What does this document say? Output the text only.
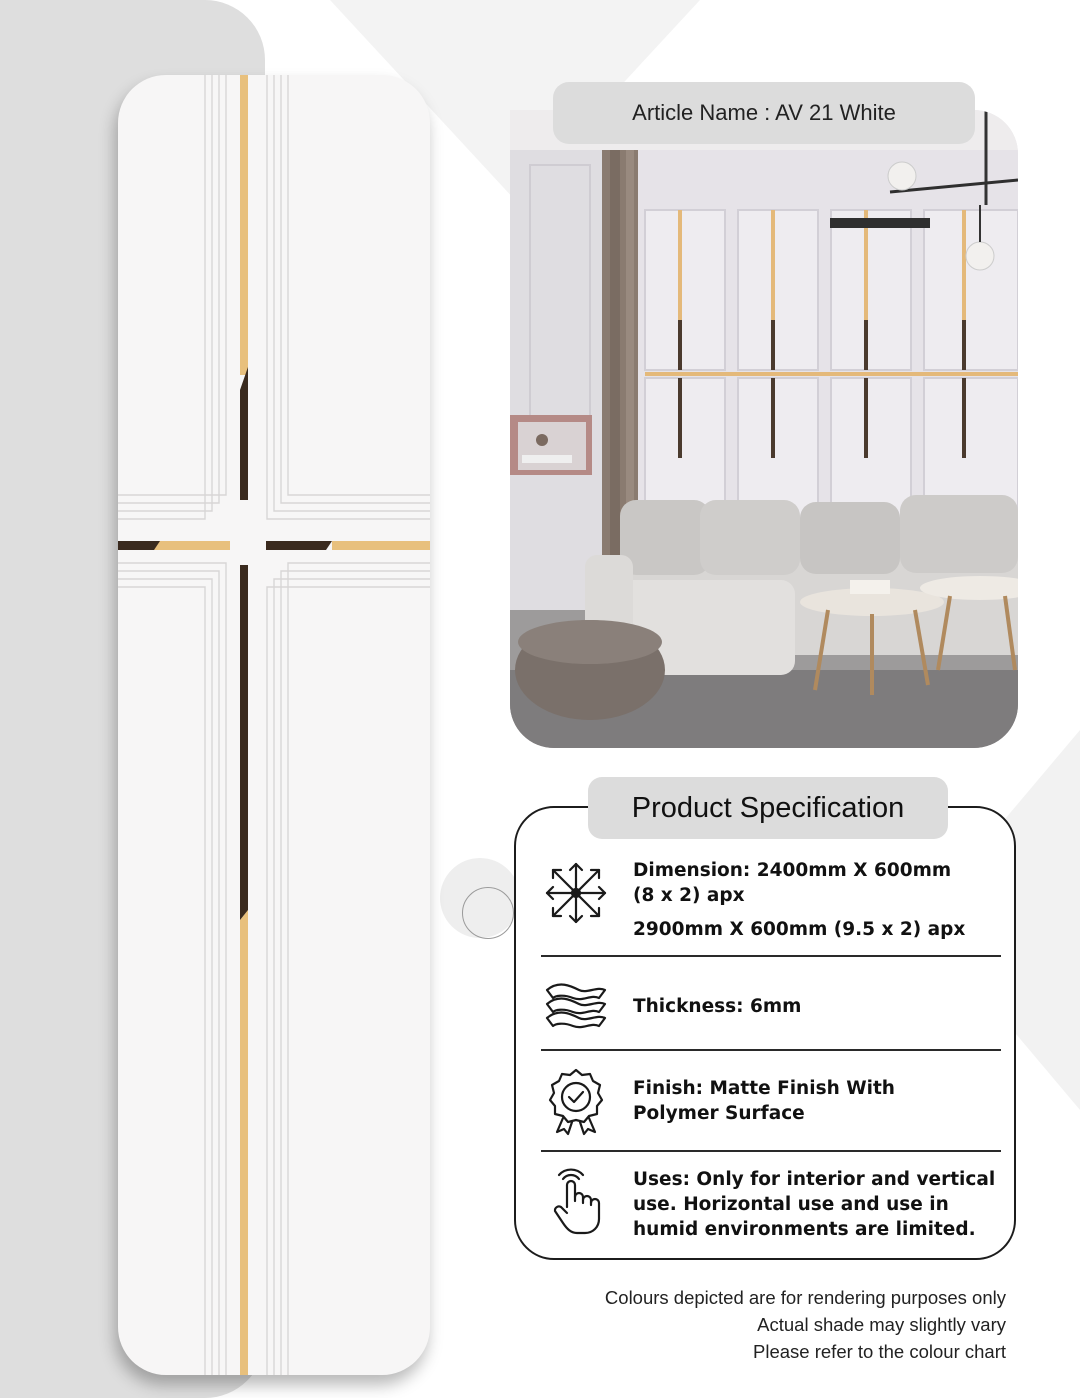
Article Name : AV 21 White
Product Specification

Dimension: 2400mm X 600mm

(8 x 2) apx

2900mm X 600mm (9.5 x 2) apx

Thickness: 6mm

Finish: Matte Finish With

Polymer Surface

Uses: Only for interior and vertical

use. Horizontal use and use in

humid environments are limited.

Colours depicted are for rendering purposes only

Actual shade may slightly vary

Please refer to the colour chart
